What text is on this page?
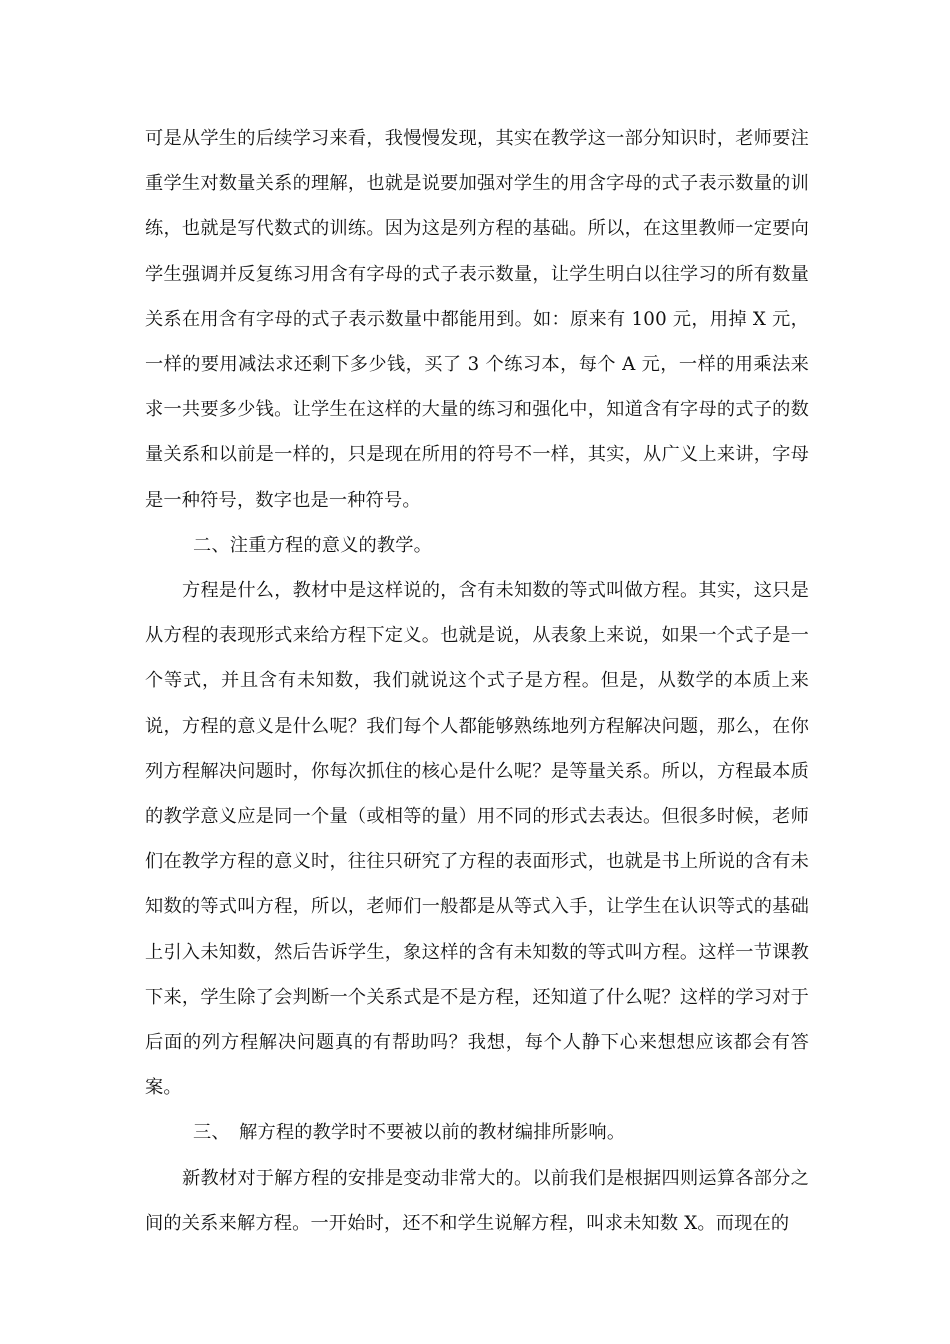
可是从学生的后续学习来看，我慢慢发现，其实在教学这一部分知识时，老师要注重学生对数量关系的理解，也就是说要加强对学生的用含字母的式子表示数量的训练，也就是写代数式的训练。因为这是列方程的基础。所以，在这里教师一定要向学生强调并反复练习用含有字母的式子表示数量，让学生明白以往学习的所有数量关系在用含有字母的式子表示数量中都能用到。如：原来有 100 元，用掉 X 元，一样的要用减法求还剩下多少钱，买了 3 个练习本，每个 A 元，一样的用乘法来求一共要多少钱。让学生在这样的大量的练习和强化中，知道含有字母的式子的数量关系和以前是一样的，只是现在所用的符号不一样，其实，从广义上来讲，字母是一种符号，数字也是一种符号。

二、注重方程的意义的教学。

方程是什么，教材中是这样说的，含有未知数的等式叫做方程。其实，这只是从方程的表现形式来给方程下定义。也就是说，从表象上来说，如果一个式子是一个等式，并且含有未知数，我们就说这个式子是方程。但是，从数学的本质上来说，方程的意义是什么呢？我们每个人都能够熟练地列方程解决问题，那么，在你列方程解决问题时，你每次抓住的核心是什么呢？是等量关系。所以，方程最本质的教学意义应是同一个量（或相等的量）用不同的形式去表达。但很多时候，老师们在教学方程的意义时，往往只研究了方程的表面形式，也就是书上所说的含有未知数的等式叫方程，所以，老师们一般都是从等式入手，让学生在认识等式的基础上引入未知数，然后告诉学生，象这样的含有未知数的等式叫方程。这样一节课教下来，学生除了会判断一个关系式是不是方程，还知道了什么呢？这样的学习对于后面的列方程解决问题真的有帮助吗？我想，每个人静下心来想想应该都会有答案。

三、　解方程的教学时不要被以前的教材编排所影响。

新教材对于解方程的安排是变动非常大的。以前我们是根据四则运算各部分之间的关系来解方程。一开始时，还不和学生说解方程，叫求未知数 X。而现在的
